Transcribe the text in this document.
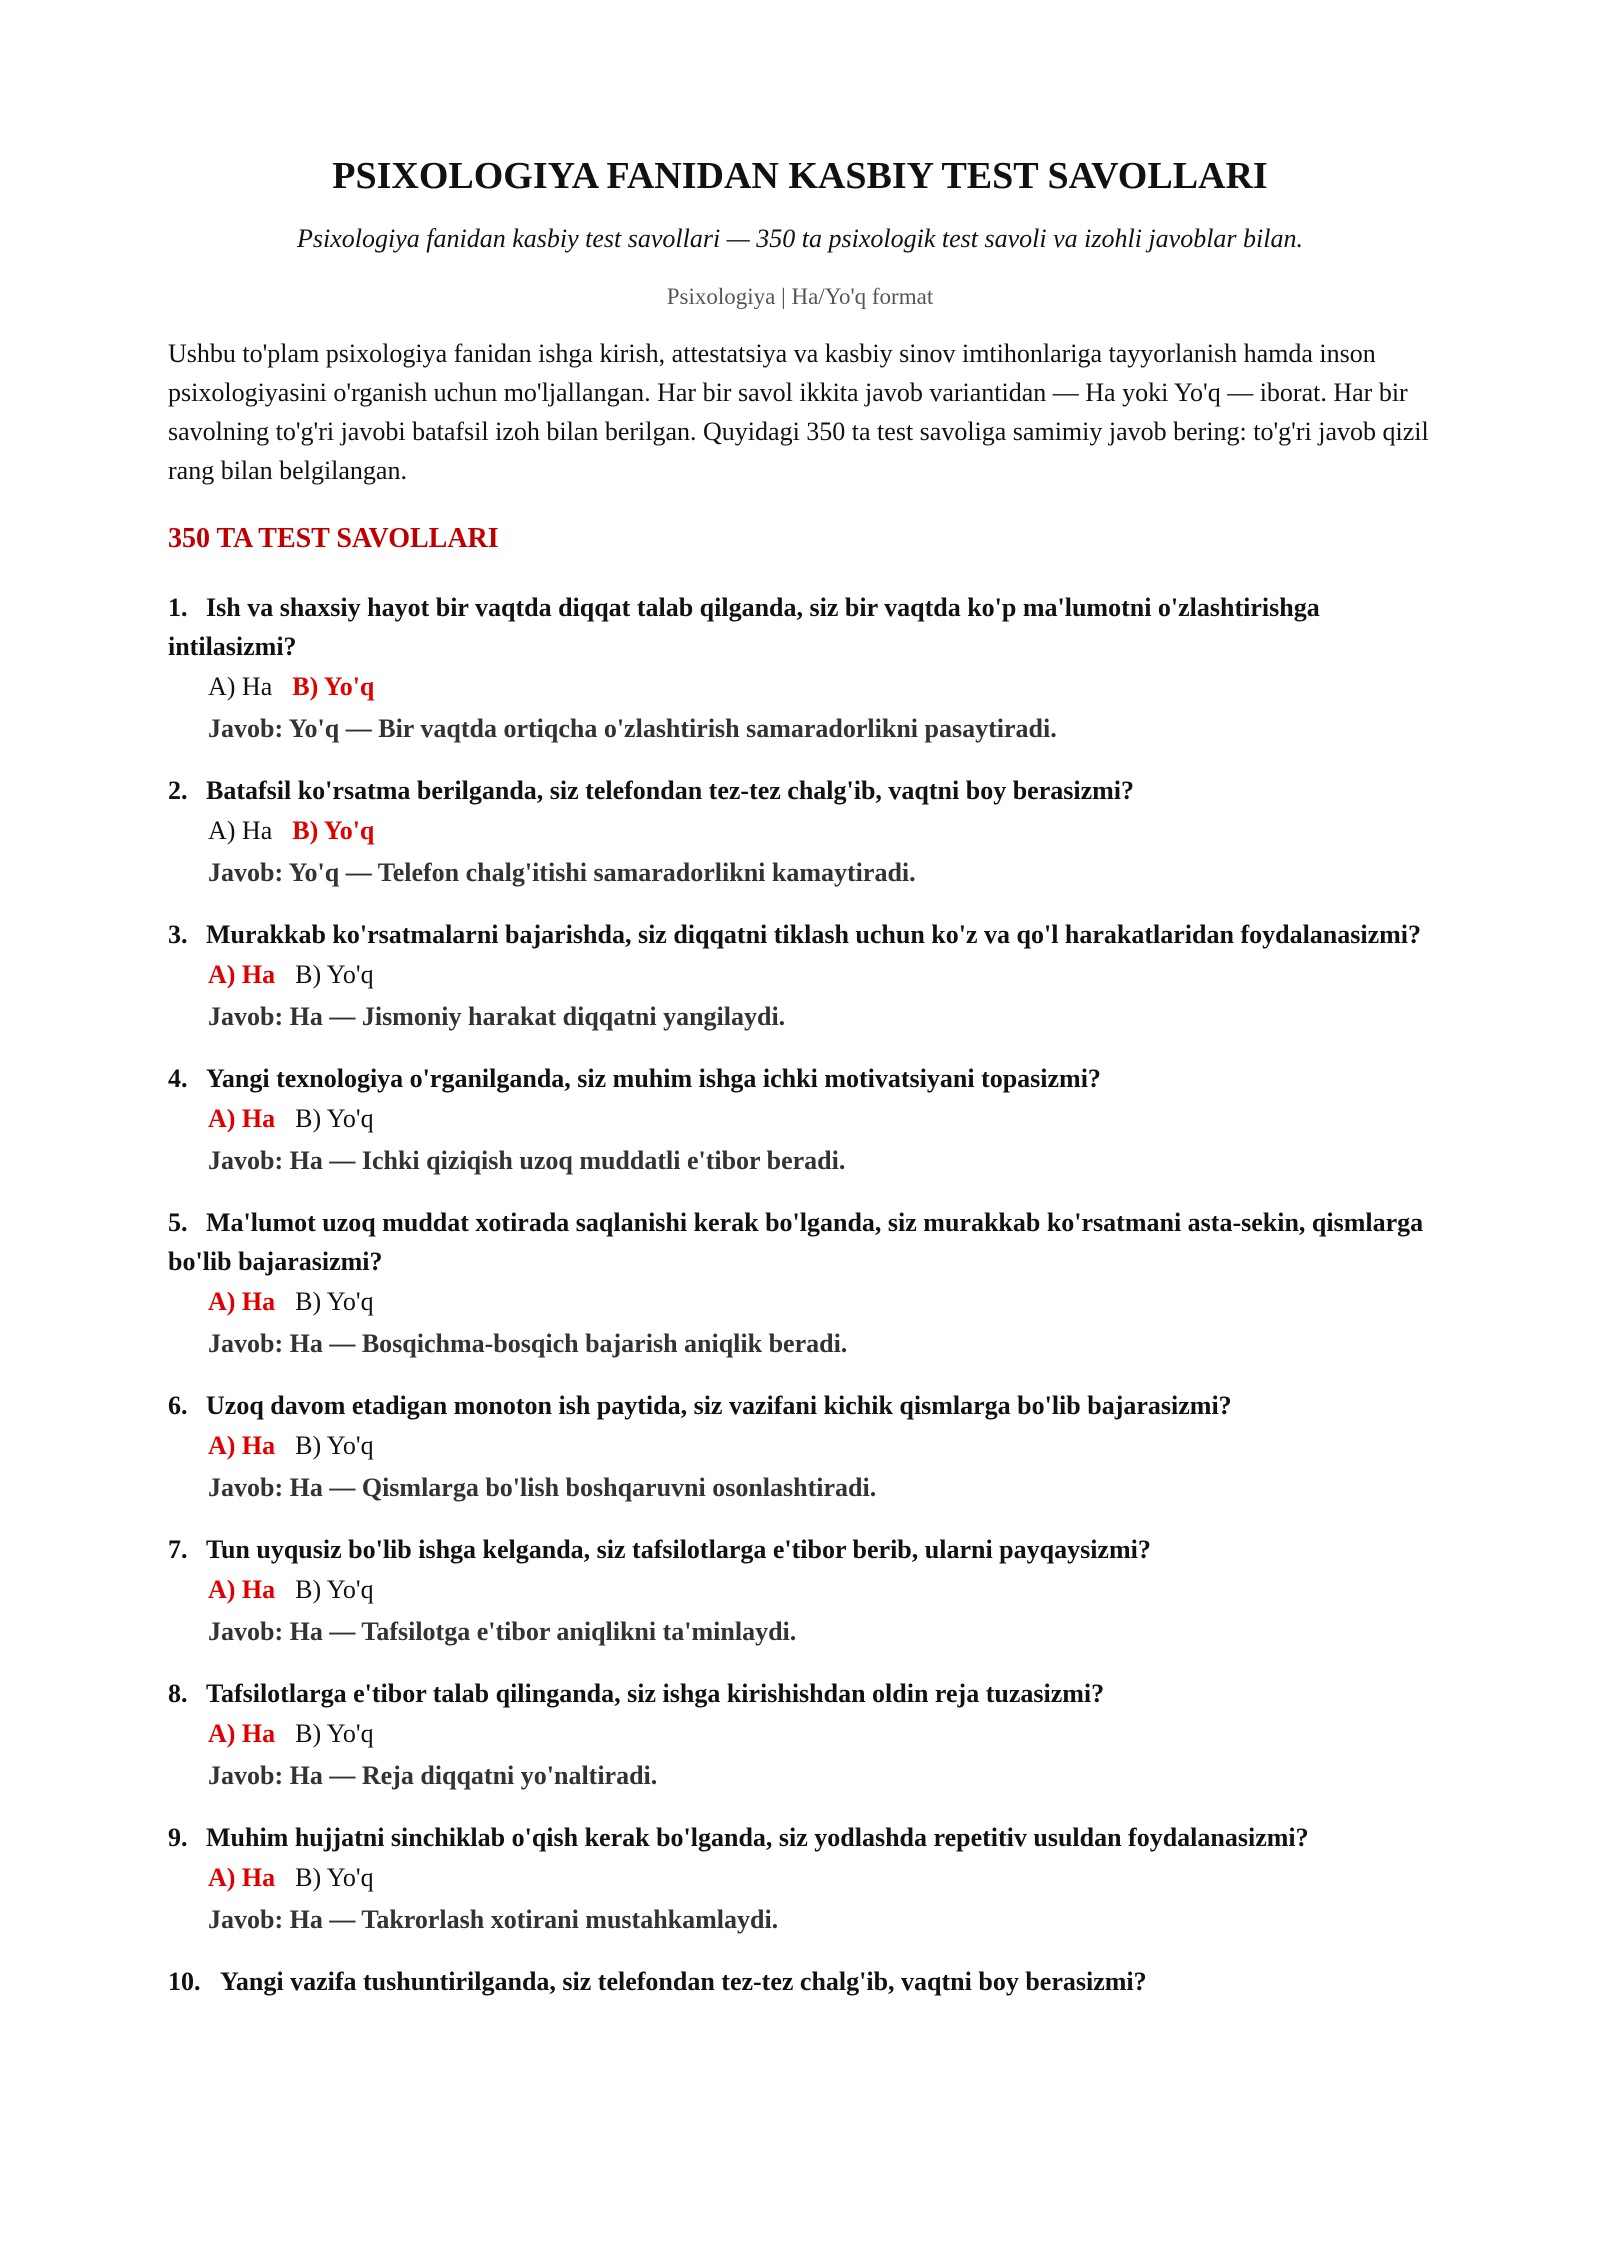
PSIXOLOGIYA FANIDAN KASBIY TEST SAVOLLARI
Psixologiya fanidan kasbiy test savollari — 350 ta psixologik test savoli va izohli javoblar bilan.
Psixologiya | Ha/Yo'q format
Ushbu to'plam psixologiya fanidan ishga kirish, attestatsiya va kasbiy sinov imtihonlariga tayyorlanish hamda inson psixologiyasini o'rganish uchun mo'ljallangan. Har bir savol ikkita javob variantidan — Ha yoki Yo'q — iborat. Har bir savolning to'g'ri javobi batafsil izoh bilan berilgan. Quyidagi 350 ta test savoliga samimiy javob bering: to'g'ri javob qizil rang bilan belgilangan.
350 TA TEST SAVOLLARI
1. Ish va shaxsiy hayot bir vaqtda diqqat talab qilganda, siz bir vaqtda ko'p ma'lumotni o'zlashtirishga intilasizmi?
A) Ha B) Yo'q
Javob: Yo'q — Bir vaqtda ortiqcha o'zlashtirish samaradorlikni pasaytiradi.
2. Batafsil ko'rsatma berilganda, siz telefondan tez-tez chalg'ib, vaqtni boy berasizmi?
A) Ha B) Yo'q
Javob: Yo'q — Telefon chalg'itishi samaradorlikni kamaytiradi.
3. Murakkab ko'rsatmalarni bajarishda, siz diqqatni tiklash uchun ko'z va qo'l harakatlaridan foydalanasizmi?
A) Ha B) Yo'q
Javob: Ha — Jismoniy harakat diqqatni yangilaydi.
4. Yangi texnologiya o'rganilganda, siz muhim ishga ichki motivatsiyani topasizmi?
A) Ha B) Yo'q
Javob: Ha — Ichki qiziqish uzoq muddatli e'tibor beradi.
5. Ma'lumot uzoq muddat xotirada saqlanishi kerak bo'lganda, siz murakkab ko'rsatmani asta-sekin, qismlarga bo'lib bajarasizmi?
A) Ha B) Yo'q
Javob: Ha — Bosqichma-bosqich bajarish aniqlik beradi.
6. Uzoq davom etadigan monoton ish paytida, siz vazifani kichik qismlarga bo'lib bajarasizmi?
A) Ha B) Yo'q
Javob: Ha — Qismlarga bo'lish boshqaruvni osonlashtiradi.
7. Tun uyqusiz bo'lib ishga kelganda, siz tafsilotlarga e'tibor berib, ularni payqaysizmi?
A) Ha B) Yo'q
Javob: Ha — Tafsilotga e'tibor aniqlikni ta'minlaydi.
8. Tafsilotlarga e'tibor talab qilinganda, siz ishga kirishishdan oldin reja tuzasizmi?
A) Ha B) Yo'q
Javob: Ha — Reja diqqatni yo'naltiradi.
9. Muhim hujjatni sinchiklab o'qish kerak bo'lganda, siz yodlashda repetitiv usuldan foydalanasizmi?
A) Ha B) Yo'q
Javob: Ha — Takrorlash xotirani mustahkamlaydi.
10. Yangi vazifa tushuntirilganda, siz telefondan tez-tez chalg'ib, vaqtni boy berasizmi?
